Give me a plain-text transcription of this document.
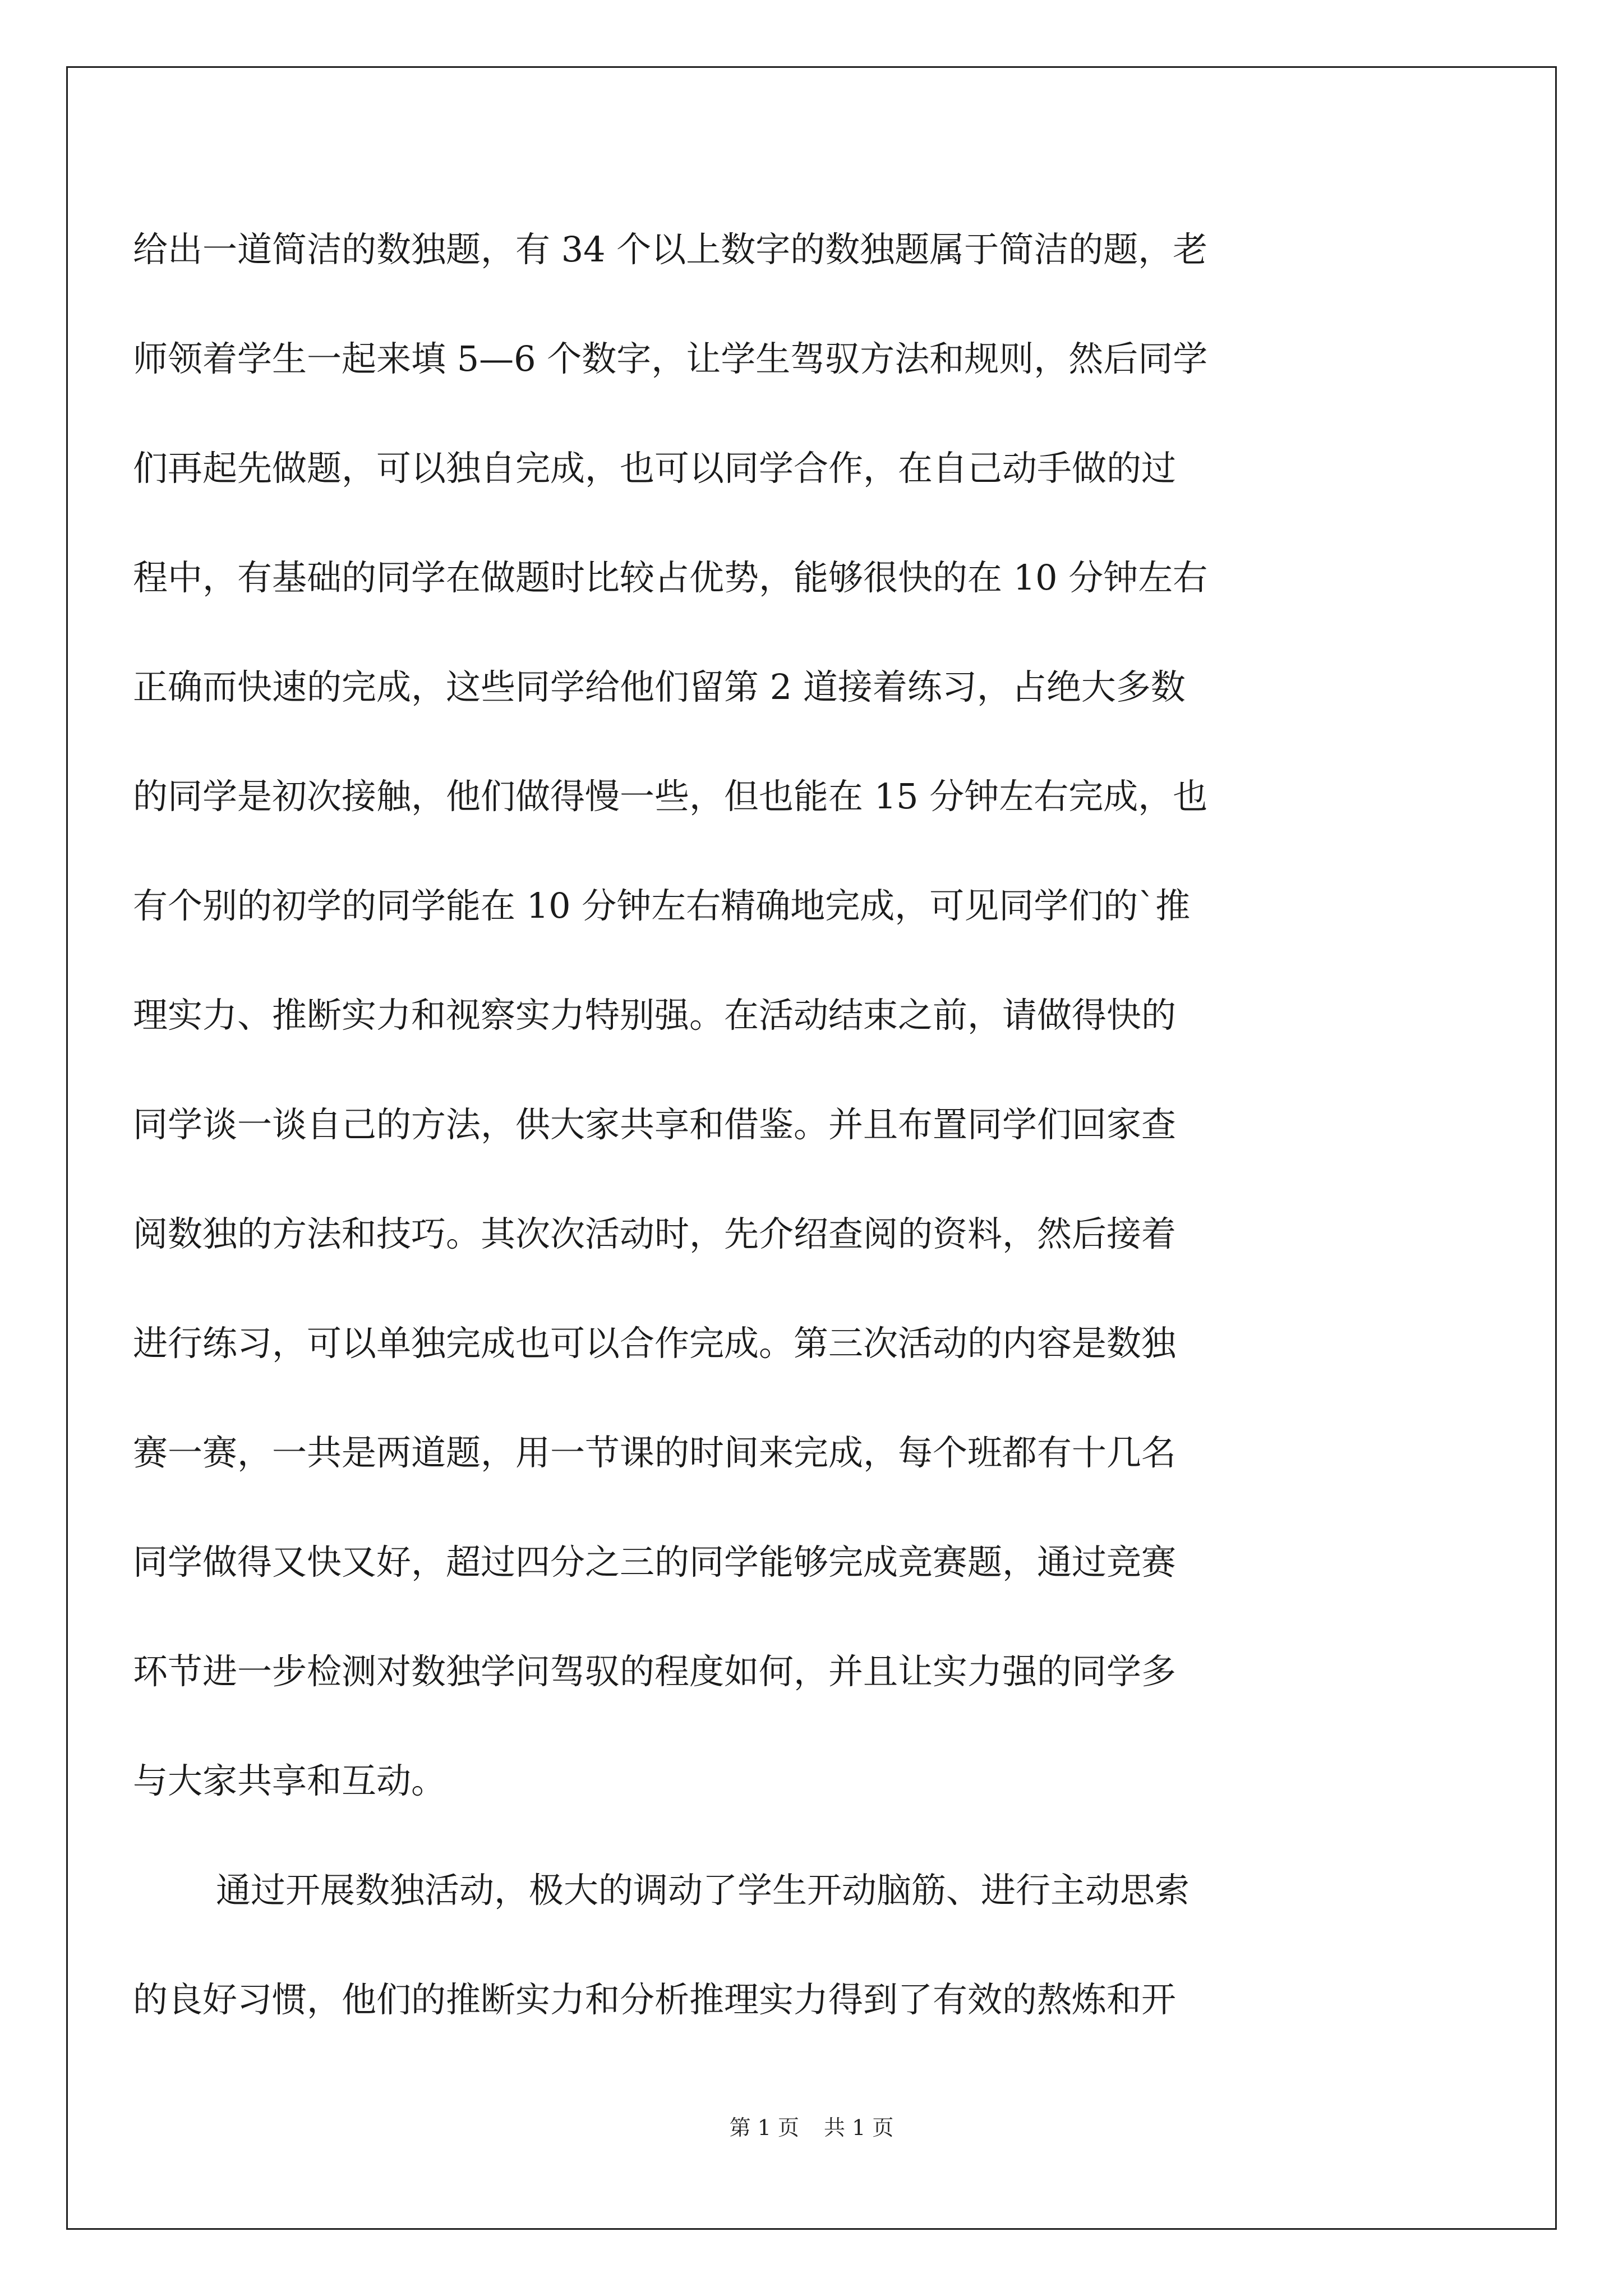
给出一道简洁的数独题，有 34 个以上数字的数独题属于简洁的题，老
师领着学生一起来填 5—6 个数字，让学生驾驭方法和规则，然后同学
们再起先做题，可以独自完成，也可以同学合作，在自己动手做的过
程中，有基础的同学在做题时比较占优势，能够很快的在 10 分钟左右
正确而快速的完成，这些同学给他们留第 2 道接着练习，占绝大多数
的同学是初次接触，他们做得慢一些，但也能在 15 分钟左右完成，也
有个别的初学的同学能在 10 分钟左右精确地完成，可见同学们的`推
理实力、推断实力和视察实力特别强。在活动结束之前，请做得快的
同学谈一谈自己的方法，供大家共享和借鉴。并且布置同学们回家查
阅数独的方法和技巧。其次次活动时，先介绍查阅的资料，然后接着
进行练习，可以单独完成也可以合作完成。第三次活动的内容是数独
赛一赛，一共是两道题，用一节课的时间来完成，每个班都有十几名
同学做得又快又好，超过四分之三的同学能够完成竞赛题，通过竞赛
环节进一步检测对数独学问驾驭的程度如何，并且让实力强的同学多
与大家共享和互动。
通过开展数独活动，极大的调动了学生开动脑筋、进行主动思索
的良好习惯，他们的推断实力和分析推理实力得到了有效的熬炼和开
第 1 页 共 1 页
